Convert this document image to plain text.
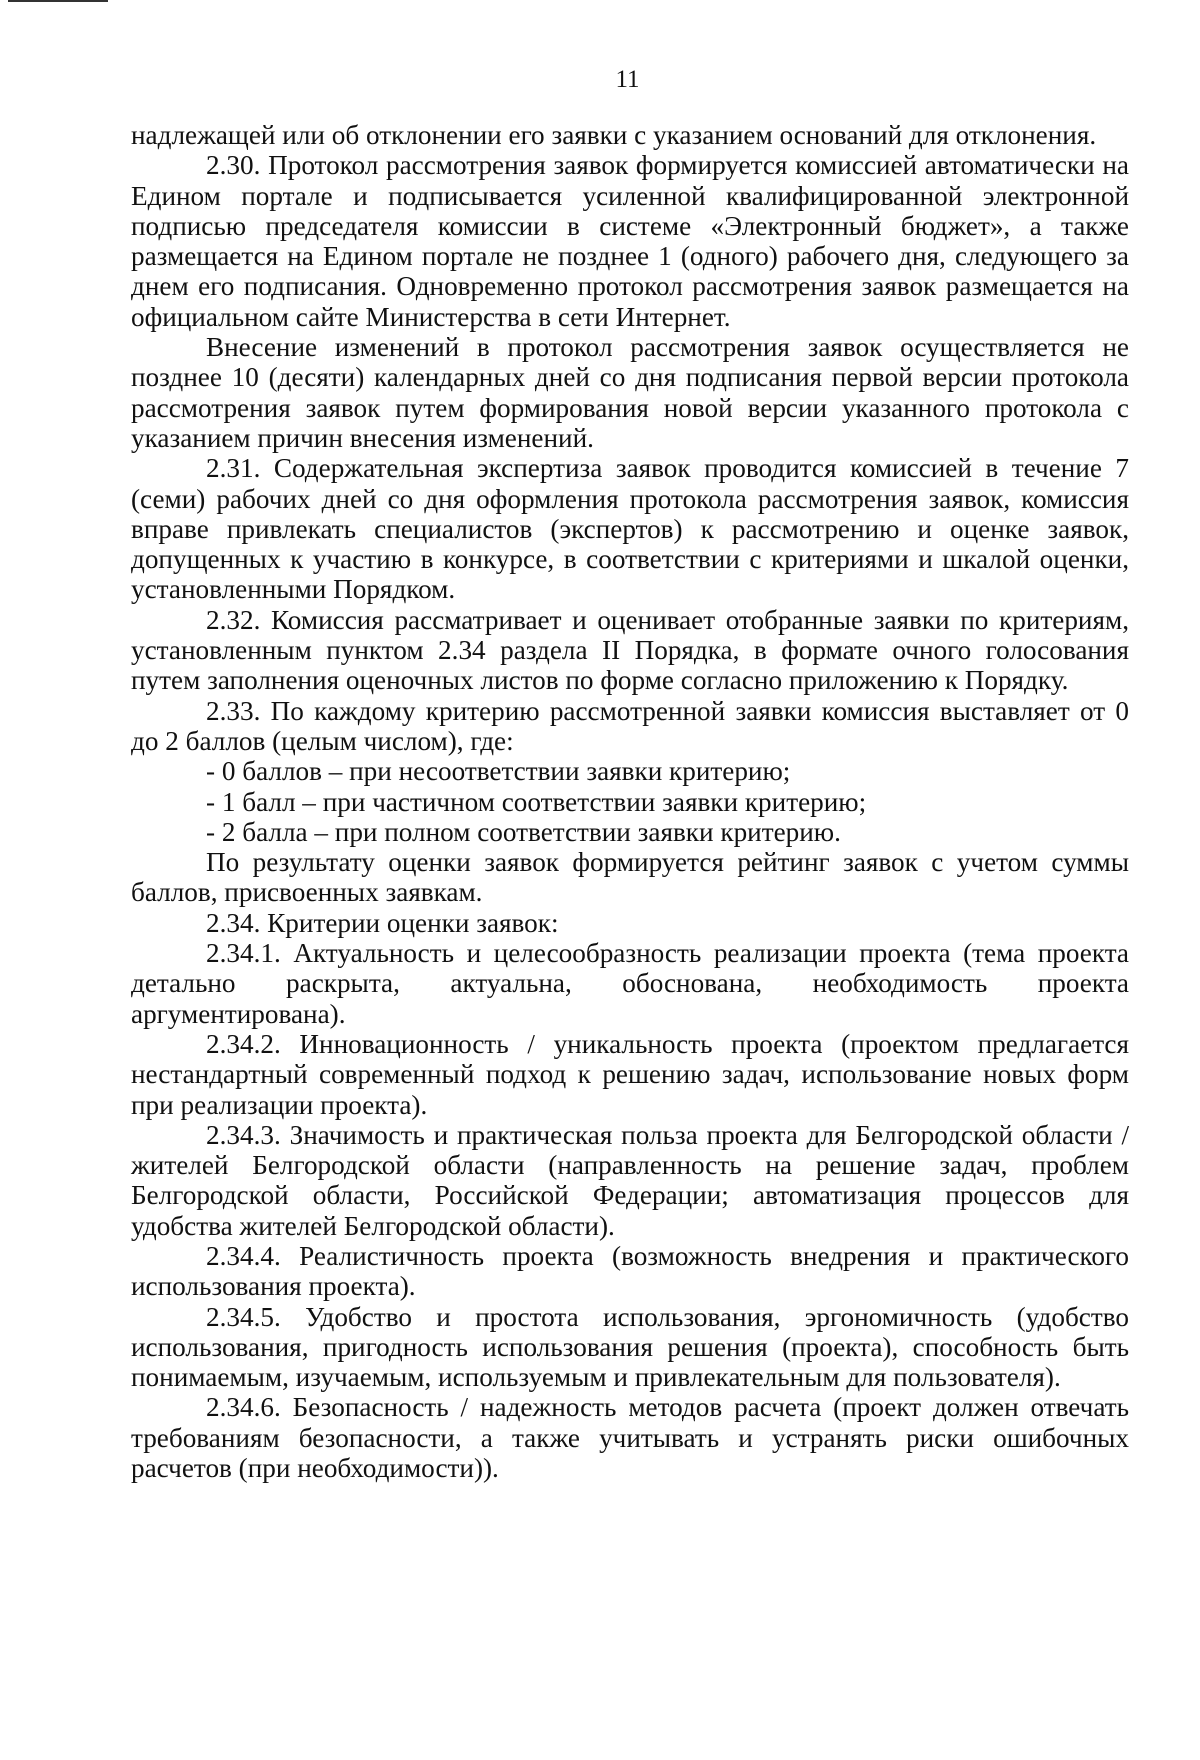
11

надлежащей или об отклонении его заявки с указанием оснований для отклонения.

2.30. Протокол рассмотрения заявок формируется комиссией автоматически на Едином портале и подписывается усиленной квалифицированной электронной подписью председателя комиссии в системе «Электронный бюджет», а также размещается на Едином портале не позднее 1 (одного) рабочего дня, следующего за днем его подписания. Одновременно протокол рассмотрения заявок размещается на официальном сайте Министерства в сети Интернет.

Внесение изменений в протокол рассмотрения заявок осуществляется не позднее 10 (десяти) календарных дней со дня подписания первой версии протокола рассмотрения заявок путем формирования новой версии указанного протокола с указанием причин внесения изменений.

2.31. Содержательная экспертиза заявок проводится комиссией в течение 7 (семи) рабочих дней со дня оформления протокола рассмотрения заявок, комиссия вправе привлекать специалистов (экспертов) к рассмотрению и оценке заявок, допущенных к участию в конкурсе, в соответствии с критериями и шкалой оценки, установленными Порядком.

2.32. Комиссия рассматривает и оценивает отобранные заявки по критериям, установленным пунктом 2.34 раздела II Порядка, в формате очного голосования путем заполнения оценочных листов по форме согласно приложению к Порядку.

2.33. По каждому критерию рассмотренной заявки комиссия выставляет от 0 до 2 баллов (целым числом), где:

- 0 баллов – при несоответствии заявки критерию;

- 1 балл – при частичном соответствии заявки критерию;

- 2 балла – при полном соответствии заявки критерию.

По результату оценки заявок формируется рейтинг заявок с учетом суммы баллов, присвоенных заявкам.

2.34. Критерии оценки заявок:

2.34.1. Актуальность и целесообразность реализации проекта (тема проекта детально раскрыта, актуальна, обоснована, необходимость проекта аргументирована).

2.34.2. Инновационность / уникальность проекта (проектом предлагается нестандартный современный подход к решению задач, использование новых форм при реализации проекта).

2.34.3. Значимость и практическая польза проекта для Белгородской области / жителей Белгородской области (направленность на решение задач, проблем Белгородской области, Российской Федерации; автоматизация процессов для удобства жителей Белгородской области).

2.34.4. Реалистичность проекта (возможность внедрения и практического использования проекта).

2.34.5. Удобство и простота использования, эргономичность (удобство использования, пригодность использования решения (проекта), способность быть понимаемым, изучаемым, используемым и привлекательным для пользователя).

2.34.6. Безопасность / надежность методов расчета (проект должен отвечать требованиям безопасности, а также учитывать и устранять риски ошибочных расчетов (при необходимости)).
